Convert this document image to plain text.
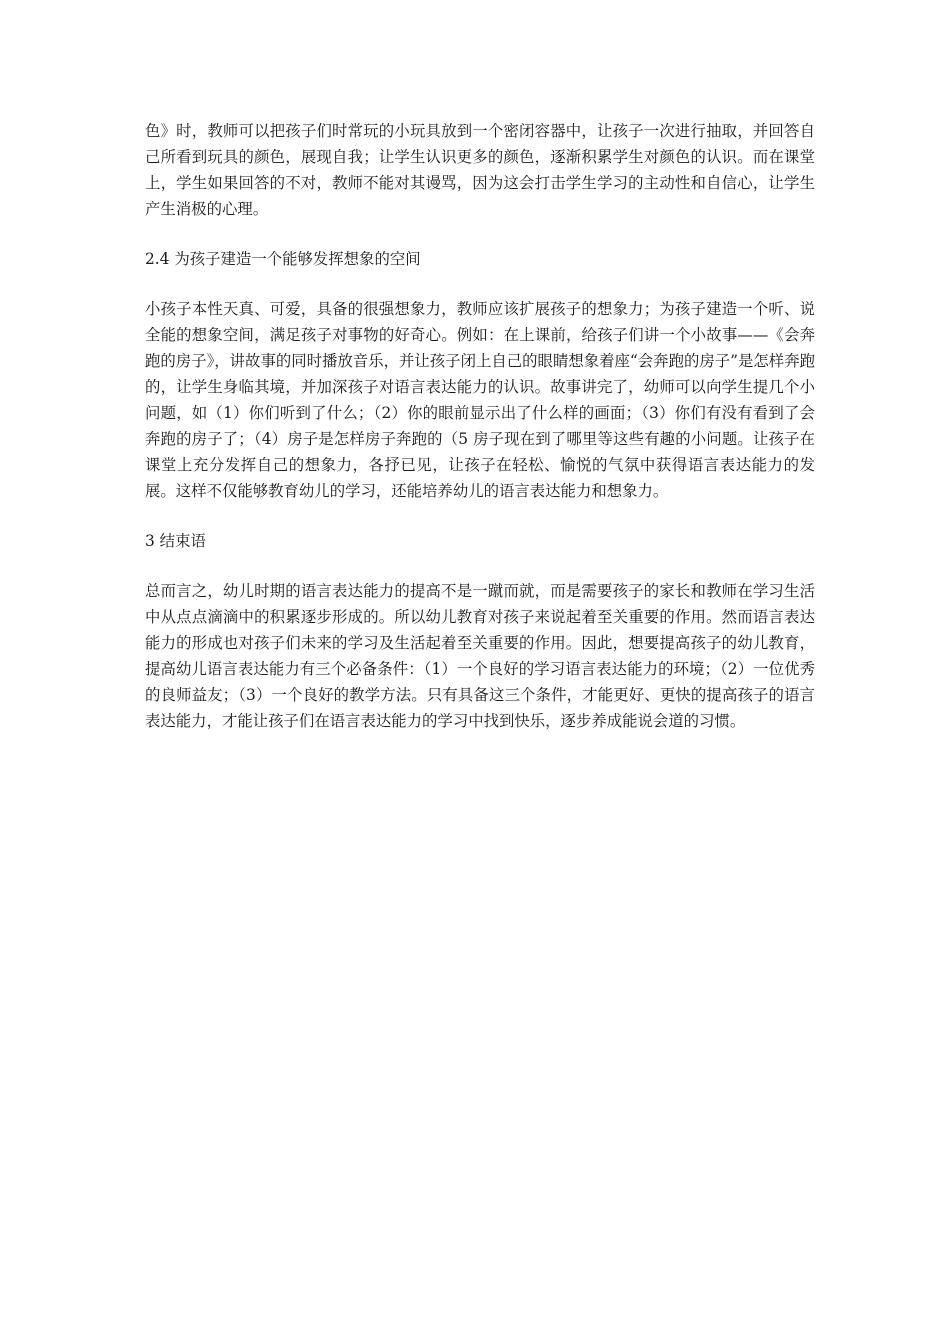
色》时，教师可以把孩子们时常玩的小玩具放到一个密闭容器中，让孩子一次进行抽取，并回答自己所看到玩具的颜色，展现自我；让学生认识更多的颜色，逐渐积累学生对颜色的认识。而在课堂上，学生如果回答的不对，教师不能对其谩骂，因为这会打击学生学习的主动性和自信心，让学生产生消极的心理。

2.4 为孩子建造一个能够发挥想象的空间

小孩子本性天真、可爱，具备的很强想象力，教师应该扩展孩子的想象力；为孩子建造一个听、说全能的想象空间，满足孩子对事物的好奇心。例如：在上课前，给孩子们讲一个小故事——《会奔跑的房子》，讲故事的同时播放音乐，并让孩子闭上自己的眼睛想象着座“会奔跑的房子”是怎样奔跑的，让学生身临其境，并加深孩子对语言表达能力的认识。故事讲完了，幼师可以向学生提几个小问题，如（1）你们听到了什么；（2）你的眼前显示出了什么样的画面；（3）你们有没有看到了会奔跑的房子了；（4）房子是怎样房子奔跑的（5 房子现在到了哪里等这些有趣的小问题。让孩子在课堂上充分发挥自己的想象力，各抒已见，让孩子在轻松、愉悦的气氛中获得语言表达能力的发展。这样不仅能够教育幼儿的学习，还能培养幼儿的语言表达能力和想象力。

3 结束语

总而言之，幼儿时期的语言表达能力的提高不是一蹴而就，而是需要孩子的家长和教师在学习生活中从点点滴滴中的积累逐步形成的。所以幼儿教育对孩子来说起着至关重要的作用。然而语言表达能力的形成也对孩子们未来的学习及生活起着至关重要的作用。因此，想要提高孩子的幼儿教育，提高幼儿语言表达能力有三个必备条件：（1）一个良好的学习语言表达能力的环境；（2）一位优秀的良师益友；（3）一个良好的教学方法。只有具备这三个条件，才能更好、更快的提高孩子的语言表达能力，才能让孩子们在语言表达能力的学习中找到快乐，逐步养成能说会道的习惯。
